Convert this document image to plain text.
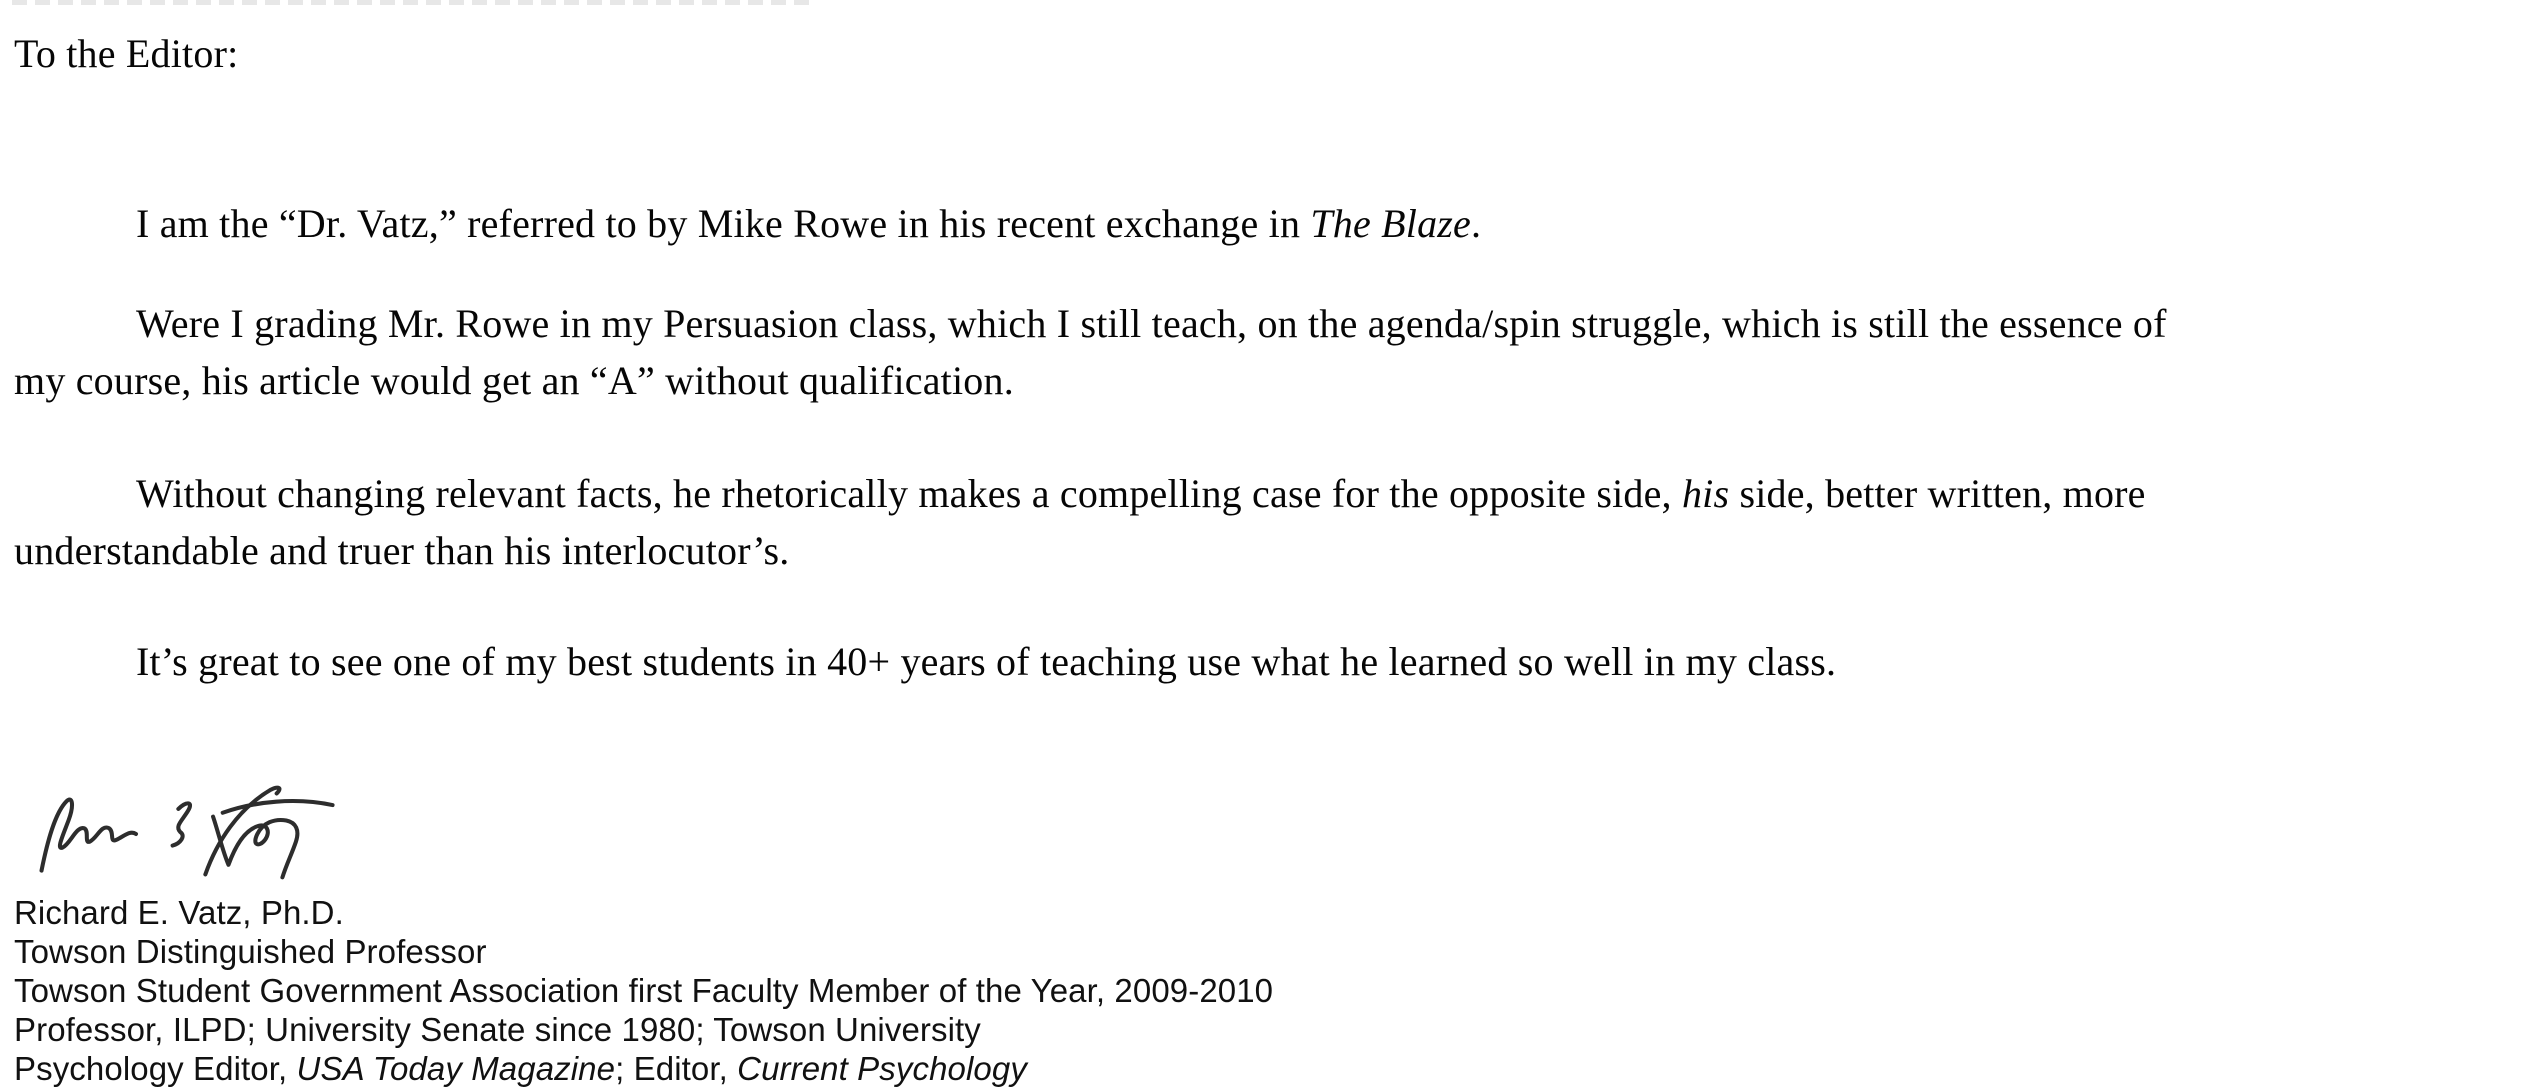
To the Editor:
I am the “Dr. Vatz,” referred to by Mike Rowe in his recent exchange in The Blaze.
Were I grading Mr. Rowe in my Persuasion class, which I still teach, on the agenda/spin struggle, which is still the essence of
my course, his article would get an “A” without qualification.
Without changing relevant facts, he rhetorically makes a compelling case for the opposite side, his side, better written, more
understandable and truer than his interlocutor’s.
It’s great to see one of my best students in 40+ years of teaching use what he learned so well in my class.
Richard E. Vatz, Ph.D.
Towson Distinguished Professor
Towson Student Government Association first Faculty Member of the Year, 2009-2010
Professor, ILPD; University Senate since 1980; Towson University
Psychology Editor, USA Today Magazine; Editor, Current Psychology
